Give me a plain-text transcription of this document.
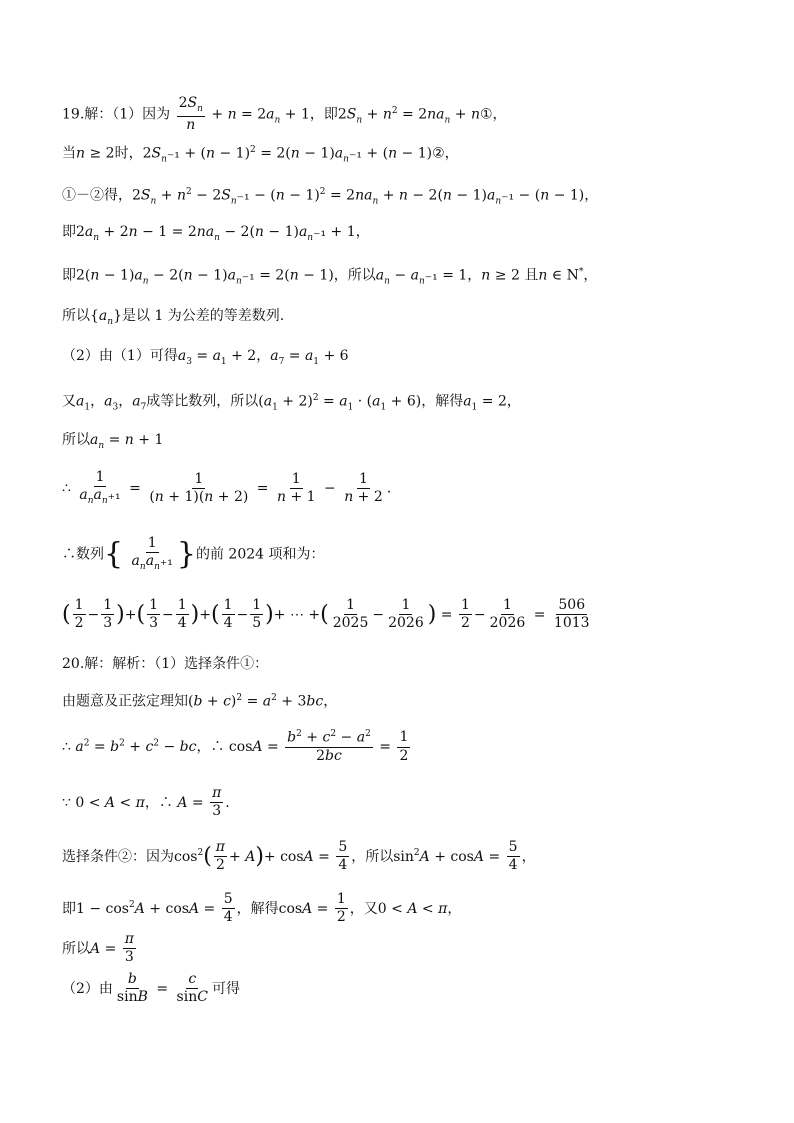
19.解：（1）因为 $\frac{2S_n}{n} + n = 2a_n + 1$，即$2S_n + n^2 = 2na_n$ + n①，
当n ≥ 2时，$2S_n_{-1} + (n - 1)^2 = 2(n - 1)a_n_{-1} + (n$ − 1)②，
①－②得，$2S_n + n^2 - 2S_n_{-1} - (n - 1)^2 = 2na_n + n - 2(n - 1)a_n_{-1} - (n - 1)$，
即$2a_n + 2n - 1 = 2na_n - 2(n - 1)a_n_{-1} + 1$，
即$2(n - 1)a_n - 2(n - 1)a_n_{-1} = 2(n - 1)$，所以$a_n - a_n_{-1} = 1$，n ≥ 2 且n ∈ N*，
所以$\{a_n\}$是以 1 为公差的等差数列.
（2）由（1）可得$a_3 = a_1 + 2$，$a_7 = a_1 + 6$
又$a_1$，$a_3$，$a_7$成等比数列，所以$(a_1 + 2)^2 = a_1 \cdot (a_1 + 6)$，解得$a_1 = 2$，
所以$a_n = n + 1$
∴ $\frac{1}{a_na_n_{+1}} = \frac{1}{(n + 1)(n + 2)} = \frac{1}{n + 1} - \frac{1}{n + 2}$ .
∴数列{ $\frac{1}{a_na_n_{+1}}$ }的前 2024 项和为：
( $\frac{1}{2} - \frac{1}{3}$ )+( $\frac{1}{3} - \frac{1}{4}$ )+( $\frac{1}{4} - \frac{1}{5}$ )+ ⋯ +( $\frac{1}{2025} - \frac{1}{2026}$ ) = $\frac{1}{2} - \frac{1}{2026} = \frac{506}{1013}$
20.解：解析：（1）选择条件①：
由题意及正弦定理知$(b + c)^2 = a^2 + 3bc$，
∴ $a^2 = b^2 + c^2$ − bc，∴ $\cos A = \frac{b^2 + c^2 - a^2}{2bc} = \frac{1}{2}$
∵ 0 < A < π，∴ $A = \frac{\pi}{3}$ .
选择条件②：因为$\cos^2( \frac{\pi}{2} + A)+ \cos A = \frac{5}{4}$ ，所以$\sin^2A + \cos A = \frac{5}{4}$ ，
即$1 - \cos^2A + \cos A = \frac{5}{4}$ ，解得$\cos A = \frac{1}{2}$ ，又0 < A < π，
所以$A = \frac{\pi}{3}$
（2）由 $\frac{b}{\sin B} = \frac{c}{\sin C}$ 可得
